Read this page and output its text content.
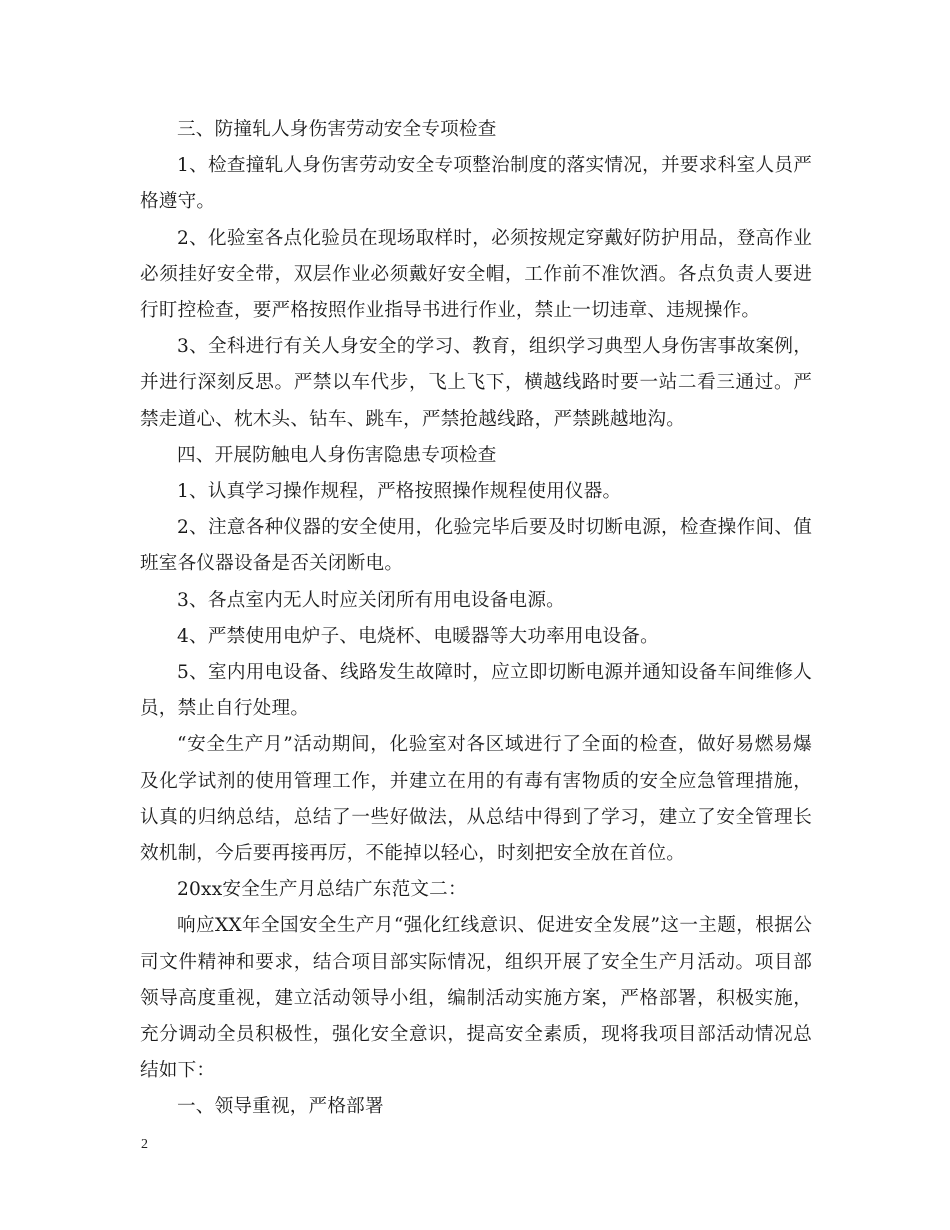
三、防撞轧人身伤害劳动安全专项检查

1、检查撞轧人身伤害劳动安全专项整治制度的落实情况，并要求科室人员严格遵守。

2、化验室各点化验员在现场取样时，必须按规定穿戴好防护用品，登高作业必须挂好安全带，双层作业必须戴好安全帽，工作前不准饮酒。各点负责人要进行盯控检查，要严格按照作业指导书进行作业，禁止一切违章、违规操作。

3、全科进行有关人身安全的学习、教育，组织学习典型人身伤害事故案例，并进行深刻反思。严禁以车代步，飞上飞下，横越线路时要一站二看三通过。严禁走道心、枕木头、钻车、跳车，严禁抢越线路，严禁跳越地沟。

四、开展防触电人身伤害隐患专项检查

1、认真学习操作规程，严格按照操作规程使用仪器。

2、注意各种仪器的安全使用，化验完毕后要及时切断电源，检查操作间、值班室各仪器设备是否关闭断电。

3、各点室内无人时应关闭所有用电设备电源。

4、严禁使用电炉子、电烧杯、电暖器等大功率用电设备。

5、室内用电设备、线路发生故障时，应立即切断电源并通知设备车间维修人员，禁止自行处理。

“安全生产月”活动期间，化验室对各区域进行了全面的检查，做好易燃易爆及化学试剂的使用管理工作，并建立在用的有毒有害物质的安全应急管理措施，认真的归纳总结，总结了一些好做法，从总结中得到了学习，建立了安全管理长效机制，今后要再接再厉，不能掉以轻心，时刻把安全放在首位。

20xx安全生产月总结广东范文二：

响应XX年全国安全生产月“强化红线意识、促进安全发展”这一主题，根据公司文件精神和要求，结合项目部实际情况，组织开展了安全生产月活动。项目部领导高度重视，建立活动领导小组，编制活动实施方案，严格部署，积极实施，充分调动全员积极性，强化安全意识，提高安全素质，现将我项目部活动情况总结如下：

一、领导重视，严格部署

2
